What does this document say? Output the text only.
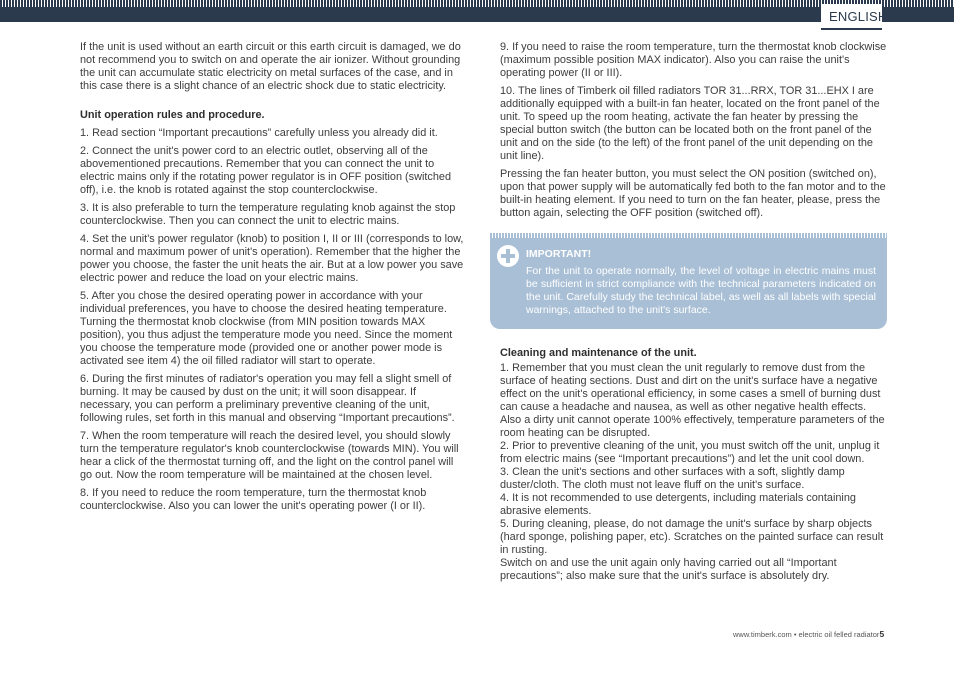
ENGLISH

If the unit is used without an earth circuit or this earth circuit is damaged, we do not recommend you to switch on and operate the air ionizer. Without grounding the unit can accumulate static electricity on metal surfaces of the case, and in this case there is a slight chance of an electric shock due to static electricity.

Unit operation rules and procedure.

1. Read section “Important precautions” carefully unless you already did it.

2. Connect the unit's power cord to an electric outlet, observing all of the abovementioned precautions. Remember that you can connect the unit to electric mains only if the rotating power regulator is in OFF position (switched off), i.e. the knob is rotated against the stop counterclockwise.

3. It is also preferable to turn the temperature regulating knob against the stop counterclockwise. Then you can connect the unit to electric mains.

4. Set the unit's power regulator (knob) to position I, II or III (corresponds to low, normal and maximum power of unit's operation). Remember that the higher the power you choose, the faster the unit heats the air. But at a low power you save electric power and reduce the load on your electric mains.

5. After you chose the desired operating power in accordance with your individual preferences, you have to choose the desired heating temperature. Turning the thermostat knob clockwise (from MIN position towards MAX position), you thus adjust the temperature mode you need. Since the moment you choose the temperature mode (provided one or another power mode is activated see item 4) the oil filled radiator will start to operate.

6. During the first minutes of radiator's operation you may fell a slight smell of burning. It may be caused by dust on the unit; it will soon disappear. If necessary, you can perform a preliminary preventive cleaning of the unit, following rules, set forth in this manual and observing “Important precautions”.

7. When the room temperature will reach the desired level, you should slowly turn the temperature regulator's knob counterclockwise (towards MIN). You will hear a click of the thermostat turning off, and the light on the control panel will go out. Now the room temperature will be maintained at the chosen level.

8. If you need to reduce the room temperature, turn the thermostat knob counterclockwise. Also you can lower the unit's operating power (I or II).

9. If you need to raise the room temperature, turn the thermostat knob clockwise (maximum possible position MAX indicator). Also you can raise the unit's operating power (II or III).

10. The lines of Timberk oil filled radiators TOR 31...RRX, TOR 31...EHX I are additionally equipped with a built-in fan heater, located on the front panel of the unit. To speed up the room heating, activate the fan heater by pressing the special button switch (the button can be located both on the front panel of the unit and on the side (to the left) of the front panel of the unit depending on the unit line).

Pressing the fan heater button, you must select the ON position (switched on), upon that power supply will be automatically fed both to the fan motor and to the built-in heating element. If you need to turn on the fan heater, please, press the button again, selecting the OFF position (switched off).

IMPORTANT!
For the unit to operate normally, the level of voltage in electric mains must be sufficient in strict compliance with the technical parameters indicated on the unit. Carefully study the technical label, as well as all labels with special warnings, attached to the unit's surface.

Cleaning and maintenance of the unit.

1. Remember that you must clean the unit regularly to remove dust from the surface of heating sections. Dust and dirt on the unit's surface have a negative effect on the unit's operational efficiency, in some cases a smell of burning dust can cause a headache and nausea, as well as other negative health effects. Also a dirty unit cannot operate 100% effectively, temperature parameters of the room heating can be disrupted.

2. Prior to preventive cleaning of the unit, you must switch off the unit, unplug it from electric mains (see “Important precautions”) and let the unit cool down.

3. Clean the unit's sections and other surfaces with a soft, slightly damp duster/cloth. The cloth must not leave fluff on the unit's surface.

4. It is not recommended to use detergents, including materials containing abrasive elements.

5. During cleaning, please, do not damage the unit's surface by sharp objects (hard sponge, polishing paper, etc). Scratches on the painted surface can result in rusting.

Switch on and use the unit again only having carried out all “Important precautions”; also make sure that the unit's surface is absolutely dry.

www.timberk.com • electric oil felled radiator5
